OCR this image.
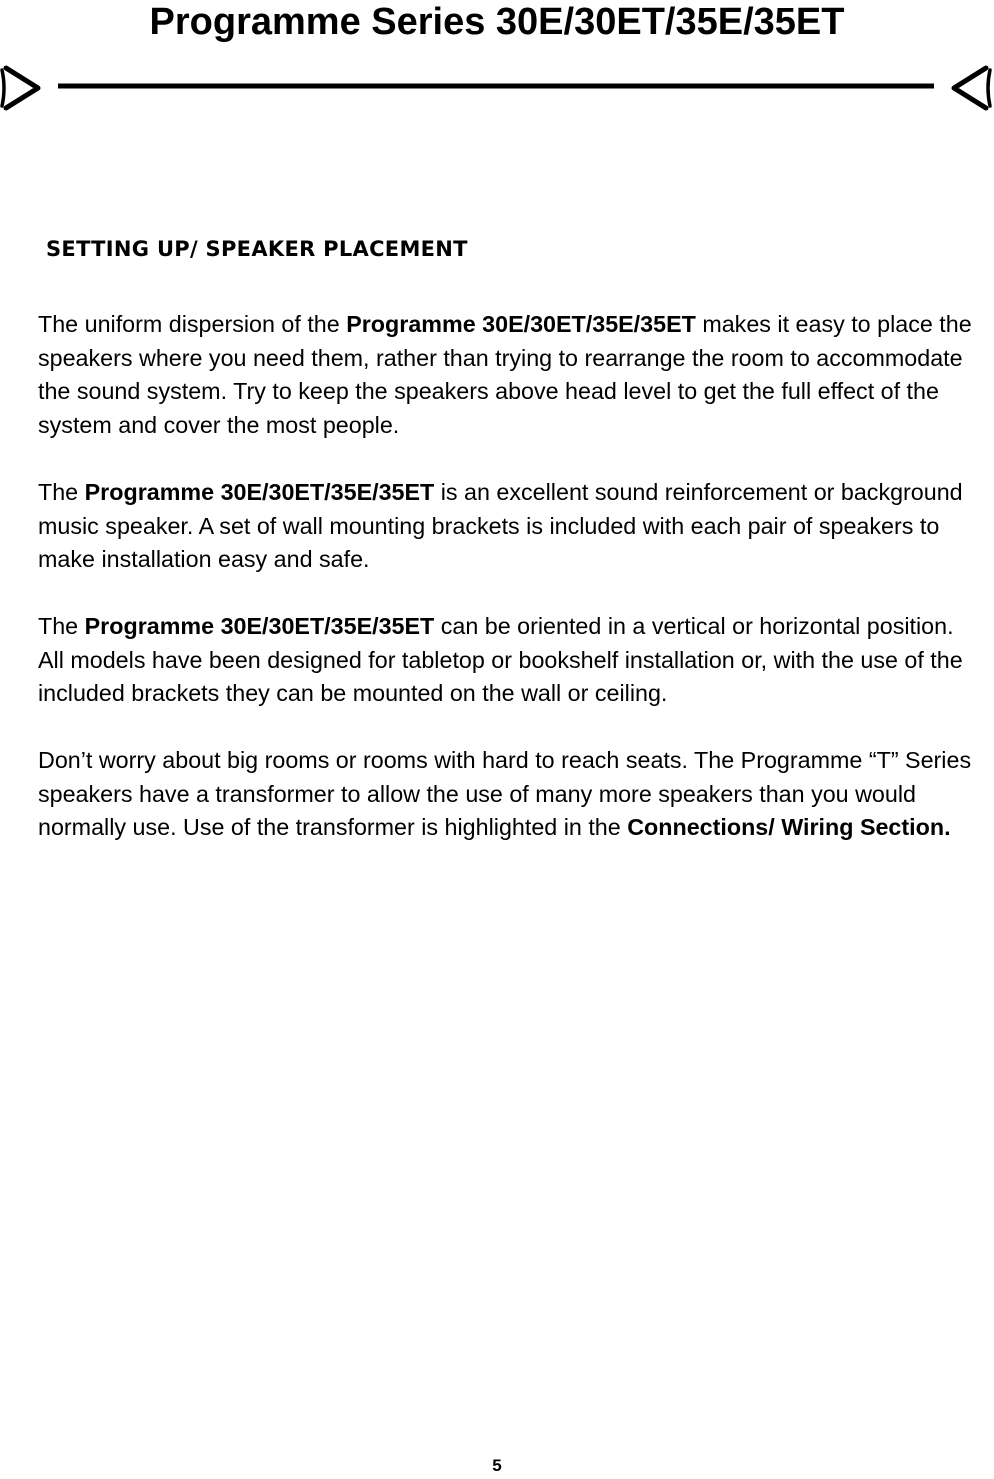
Programme Series 30E/30ET/35E/35ET
SETTING UP/ SPEAKER PLACEMENT

The uniform dispersion of the Programme 30E/30ET/35E/35ET makes it easy to place the speakers where you need them, rather than trying to rearrange the room to accommodate the sound system. Try to keep the speakers above head level to get the full effect of the system and cover the most people.

The Programme 30E/30ET/35E/35ET is an excellent sound reinforcement or background music speaker. A set of wall mounting brackets is included with each pair of speakers to make installation easy and safe.

The Programme 30E/30ET/35E/35ET can be oriented in a vertical or horizontal position. All models have been designed for tabletop or bookshelf installation or, with the use of the included brackets they can be mounted on the wall or ceiling.

Don’t worry about big rooms or rooms with hard to reach seats. The Programme “T” Series speakers have a transformer to allow the use of many more speakers than you would normally use. Use of the transformer is highlighted in the Connections/ Wiring Section.

5
